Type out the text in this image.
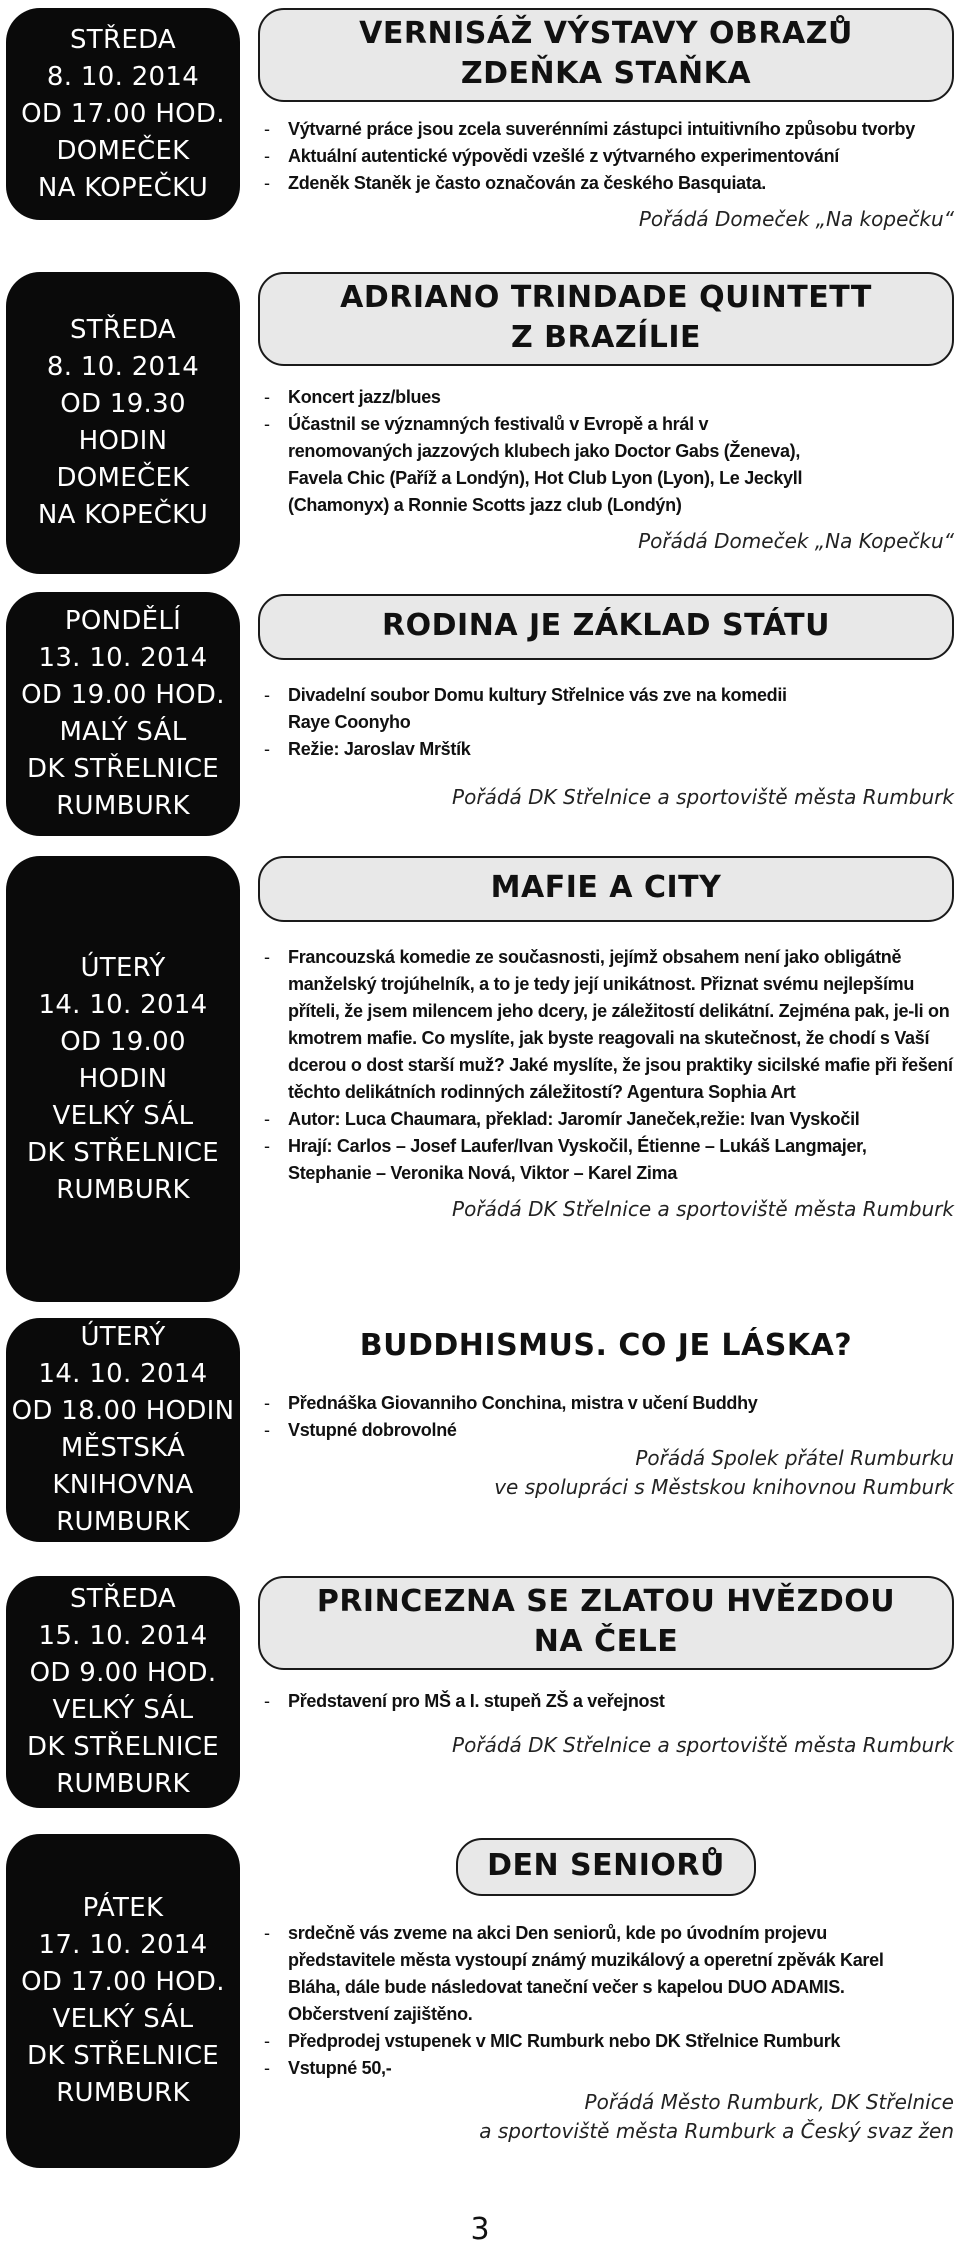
STŘEDA
8. 10. 2014
OD 17.00 HOD.
DOMEČEK
NA KOPEČKU
VERNISÁŽ VÝSTAVY OBRAZŮ
ZDEŇKA STAŇKA
- Výtvarné práce jsou zcela suverénními zástupci intuitivního způsobu tvorby
- Aktuální autentické výpovědi vzešlé z výtvarného experimentování
- Zdeněk Staněk je často označován za českého Basquiata.
Pořádá Domeček „Na kopečku“
STŘEDA
8. 10. 2014
OD 19.30
HODIN
DOMEČEK
NA KOPEČKU
ADRIANO TRINDADE QUINTETT
Z BRAZÍLIE
- Koncert jazz/blues
- Účastnil se významných festivalů v Evropě a hrál v renomovaných jazzových klubech jako Doctor Gabs (Ženeva), Favela Chic (Paříž a Londýn), Hot Club Lyon (Lyon), Le Jeckyll (Chamonyx) a Ronnie Scotts jazz club (Londýn)
Pořádá Domeček „Na Kopečku“
PONDĚLÍ
13. 10. 2014
OD 19.00 HOD.
MALÝ SÁL
DK STŘELNICE
RUMBURK
RODINA JE ZÁKLAD STÁTU
- Divadelní soubor Domu kultury Střelnice vás zve na komedii Raye Coonyho
- Režie: Jaroslav Mrštík
Pořádá DK Střelnice a sportoviště města Rumburk
ÚTERÝ
14. 10. 2014
OD 19.00
HODIN
VELKÝ SÁL
DK STŘELNICE
RUMBURK
MAFIE A CITY
- Francouzská komedie ze současnosti, jejímž obsahem není jako obligátně manželský trojúhelník, a to je tedy její unikátnost. Přiznat svému nejlepšímu příteli, že jsem milencem jeho dcery, je záležitostí delikátní. Zejména pak, je-li on kmotrem mafie. Co myslíte, jak byste reagovali na skutečnost, že chodí s Vaší dcerou o dost starší muž? Jaké myslíte, že jsou praktiky sicilské mafie při řešení těchto delikátních rodinných záležitostí? Agentura Sophia Art
- Autor: Luca Chaumara, překlad: Jaromír Janeček,režie: Ivan Vyskočil
- Hrají: Carlos – Josef Laufer/Ivan Vyskočil, Étienne – Lukáš Langmajer, Stephanie – Veronika Nová, Viktor – Karel Zima
Pořádá DK Střelnice a sportoviště města Rumburk
ÚTERÝ
14. 10. 2014
OD 18.00 HODIN
MĚSTSKÁ
KNIHOVNA
RUMBURK
BUDDHISMUS. CO JE LÁSKA?
- Přednáška Giovanniho Conchina, mistra v učení Buddhy
- Vstupné dobrovolné
Pořádá Spolek přátel Rumburku
ve spolupráci s Městskou knihovnou Rumburk
STŘEDA
15. 10. 2014
OD 9.00 HOD.
VELKÝ SÁL
DK STŘELNICE
RUMBURK
PRINCEZNA SE ZLATOU HVĚZDOU
NA ČELE
- Představení pro MŠ a I. stupeň ZŠ a veřejnost
Pořádá DK Střelnice a sportoviště města Rumburk
PÁTEK
17. 10. 2014
OD 17.00 HOD.
VELKÝ SÁL
DK STŘELNICE
RUMBURK
DEN SENIORŮ
- srdečně vás zveme na akci Den seniorů, kde po úvodním projevu představitele města vystoupí známý muzikálový a operetní zpěvák Karel Bláha, dále bude následovat taneční večer s kapelou DUO ADAMIS. Občerstvení zajištěno.
- Předprodej vstupenek v MIC Rumburk nebo DK Střelnice Rumburk
- Vstupné 50,-
Pořádá Město Rumburk, DK Střelnice
a sportoviště města Rumburk a Český svaz žen
3
